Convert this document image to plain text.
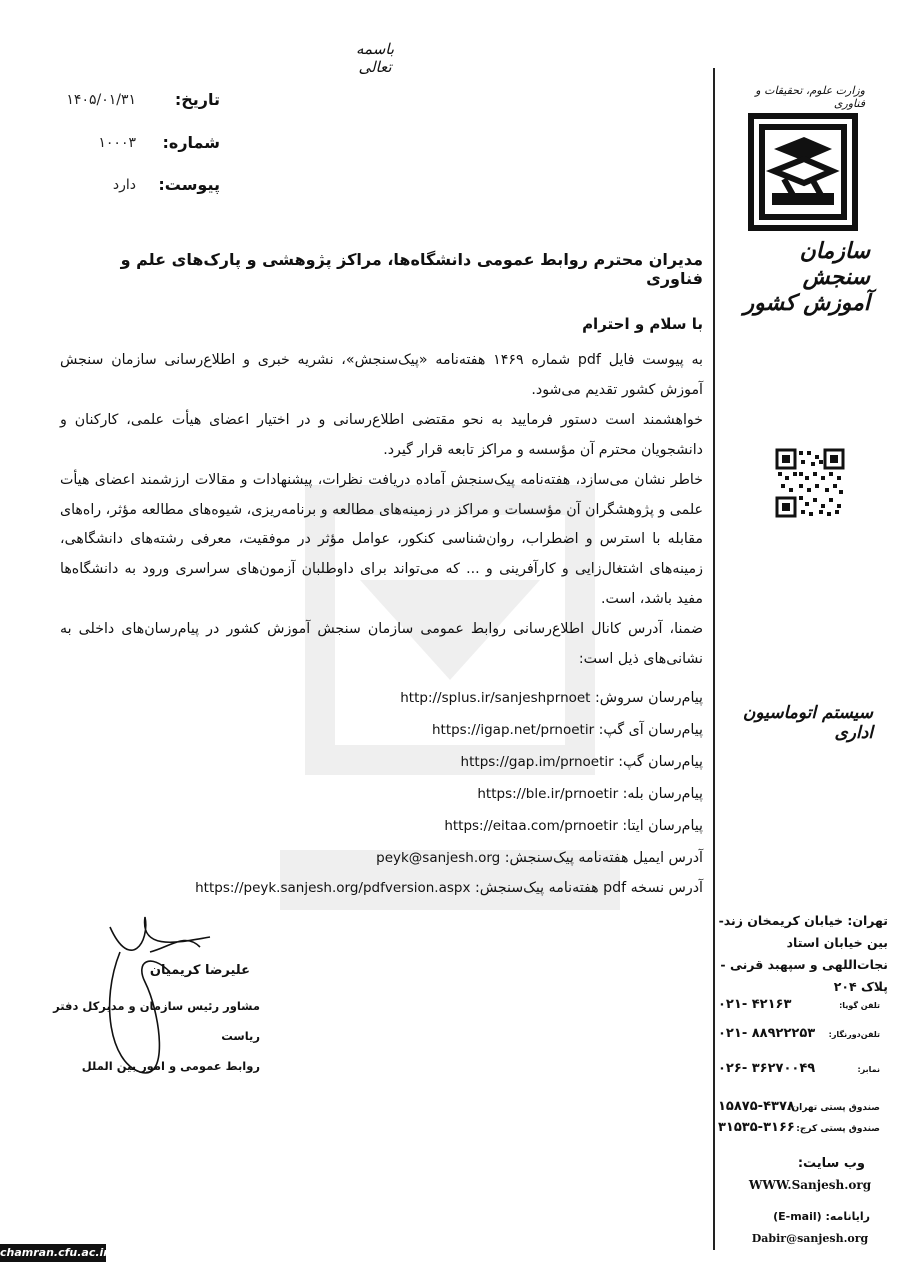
باسمه تعالی
تاریخ:
۱۴۰۵/۰۱/۳۱
شماره:
۱۰۰۰۳
پیوست:
دارد
وزارت علوم، تحقیقات و فناوری
سازمان سنجش آموزش کشور
سیستم اتوماسیون اداری
تهران: خیابان کریمخان زند- بین خیابان استاد نجات‌اللهی و سپهبد قرنی - پلاک ۲۰۴
تلفن گویا:
۴۲۱۶۳ -۰۲۱
تلفن‌دورنگار:
۸۸۹۲۲۲۵۳ -۰۲۱
نمابر:
۳۶۲۷۰۰۴۹ -۰۲۶
صندوق پستی تهران:
۱۵۸۷۵-۴۳۷۸
صندوق پستی کرج:
۳۱۵۳۵-۳۱۶۶
وب سایت:
WWW.Sanjesh.org
رایانامه: (E-mail)
Dabir@sanjesh.org
مدیران محترم روابط عمومی دانشگاه‌ها، مراکز پژوهشی و پارک‌های علم و فناوری
با سلام و احترام

به پیوست فایل pdf شماره ۱۴۶۹ هفته‌نامه «پیک‌سنجش»، نشریه خبری و اطلاع‌رسانی سازمان سنجش آموزش کشور تقدیم می‌شود.

خواهشمند است دستور فرمایید به نحو مقتضی اطلاع‌رسانی و در اختیار اعضای هیأت علمی، کارکنان و دانشجویان محترم آن مؤسسه و مراکز تابعه قرار گیرد.

خاطر نشان می‌سازد، هفته‌نامه پیک‌سنجش آماده دریافت نظرات، پیشنهادات و مقالات ارزشمند اعضای هیأت علمی و پژوهشگران آن مؤسسات و مراکز در زمینه‌های مطالعه و برنامه‌ریزی، شیوه‌های مطالعه مؤثر، راه‌های مقابله با استرس و اضطراب، روان‌شناسی کنکور، عوامل مؤثر در موفقیت، معرفی رشته‌های دانشگاهی، زمینه‌های اشتغال‌زایی و کارآفرینی و ... که می‌تواند برای داوطلبان آزمون‌های سراسری ورود به دانشگاه‌ها مفید باشد، است.

ضمنا، آدرس کانال اطلاع‌رسانی روابط عمومی سازمان سنجش آموزش کشور در پیام‌رسان‌های داخلی به نشانی‌های ذیل است:

پیام‌رسان سروش: http://splus.ir/sanjeshprnoet
پیام‌رسان آی گپ: https://igap.net/prnoetir
پیام‌رسان گپ: https://gap.im/prnoetir
پیام‌رسان بله: https://ble.ir/prnoetir
پیام‌رسان ایتا: https://eitaa.com/prnoetir
آدرس ایمیل هفته‌نامه پیک‌سنجش: peyk@sanjesh.org
آدرس نسخه pdf هفته‌نامه پیک‌سنجش: https://peyk.sanjesh.org/pdfversion.aspx
علیرضا کریمیان
مشاور رئیس سازمان و مدیرکل دفتر ریاست
روابط عمومی و امور بین الملل
chamran.cfu.ac.ir
